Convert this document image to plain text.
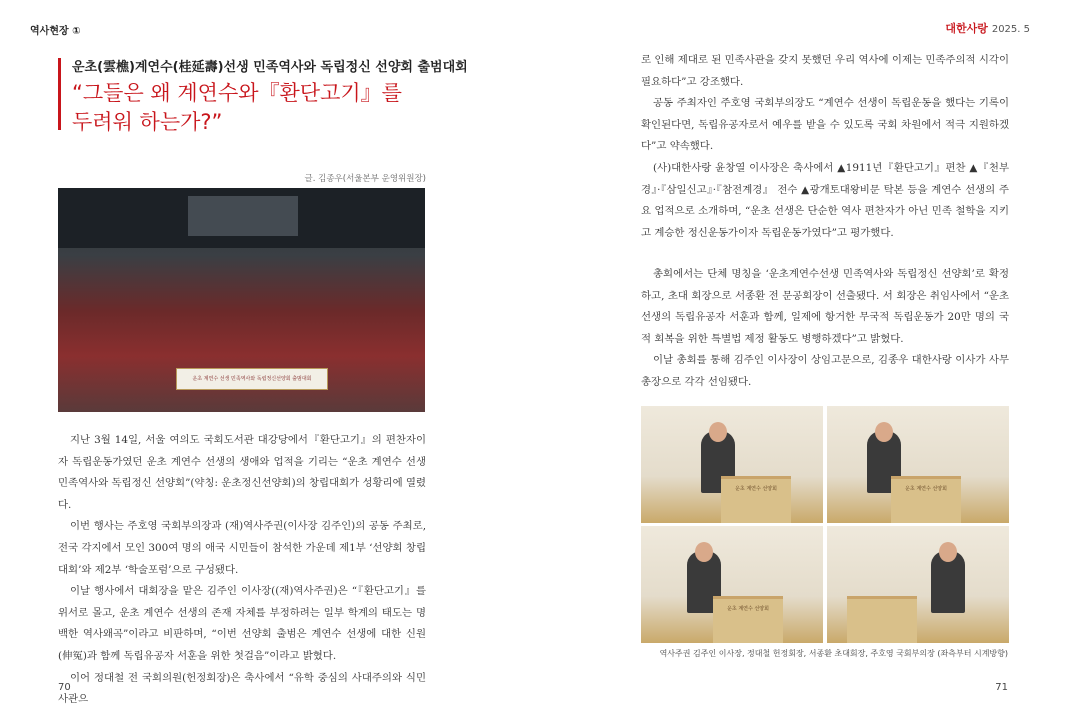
역사현장 ①	대한사랑 2025. 5
운초(雲樵)계연수(桂延壽)선생 민족역사와 독립정신 선양회 출범대회
“그들은 왜 계연수와『환단고기』를
두려워 하는가?”
글. 김종우(서울본부 운영위원장)
운초 계연수 선생 민족역사와 독립정신선양회 출범대회

지난 3월 14일, 서울 여의도 국회도서관 대강당에서『환단고기』의 편찬자이자 독립운동가였던 운초 계연수 선생의 생애와 업적을 기리는 “운초 계연수 선생 민족역사와 독립정신 선양회”(약칭: 운초정신선양회)의 창립대회가 성황리에 열렸다.

이번 행사는 주호영 국회부의장과 (재)역사주권(이사장 김주인)의 공동 주최로, 전국 각지에서 모인 300여 명의 애국 시민들이 참석한 가운데 제1부 ‘선양회 창립대회’와 제2부 ‘학술포럼’으로 구성됐다.

이날 행사에서 대회장을 맡은 김주인 이사장((재)역사주권)은 “『환단고기』를 위서로 몰고, 운초 계연수 선생의 존재 자체를 부정하려는 일부 학계의 태도는 명백한 역사왜곡”이라고 비판하며, “이번 선양회 출범은 계연수 선생에 대한 신원(伸冤)과 함께 독립유공자 서훈을 위한 첫걸음”이라고 밝혔다.

이어 정대철 전 국회의원(헌정회장)은 축사에서 “유학 중심의 사대주의와 식민사관으

로 인해 제대로 된 민족사관을 갖지 못했던 우리 역사에 이제는 민족주의적 시각이 필요하다”고 강조했다.

공동 주최자인 주호영 국회부의장도 “계연수 선생이 독립운동을 했다는 기록이 확인된다면, 독립유공자로서 예우를 받을 수 있도록 국회 차원에서 적극 지원하겠다”고 약속했다.

(사)대한사랑 윤창열 이사장은 축사에서 ▲1911년『환단고기』편찬 ▲『천부경』·『삼일신고』·『참전계경』 전수 ▲광개토대왕비문 탁본 등을 계연수 선생의 주요 업적으로 소개하며, “운초 선생은 단순한 역사 편찬자가 아닌 민족 철학을 지키고 계승한 정신운동가이자 독립운동가였다”고 평가했다.

총회에서는 단체 명칭을 ‘운초계연수선생 민족역사와 독립정신 선양회’로 확정하고, 초대 회장으로 서종환 전 문공회장이 선출됐다. 서 회장은 취임사에서 “운초 선생의 독립유공자 서훈과 함께, 일제에 항거한 무국적 독립운동가 20만 명의 국적 회복을 위한 특별법 제정 활동도 병행하겠다”고 밝혔다.

이날 총회를 통해 김주인 이사장이 상임고문으로, 김종우 대한사랑 이사가 사무총장으로 각각 선임됐다.

운초 계연수 선양회	운초 계연수 선양회
운초 계연수 선양회
역사주권 김주인 이사장, 정대철 헌정회장, 서종환 초대회장, 주호영 국회부의장 (좌측부터 시계방향)
70	71
